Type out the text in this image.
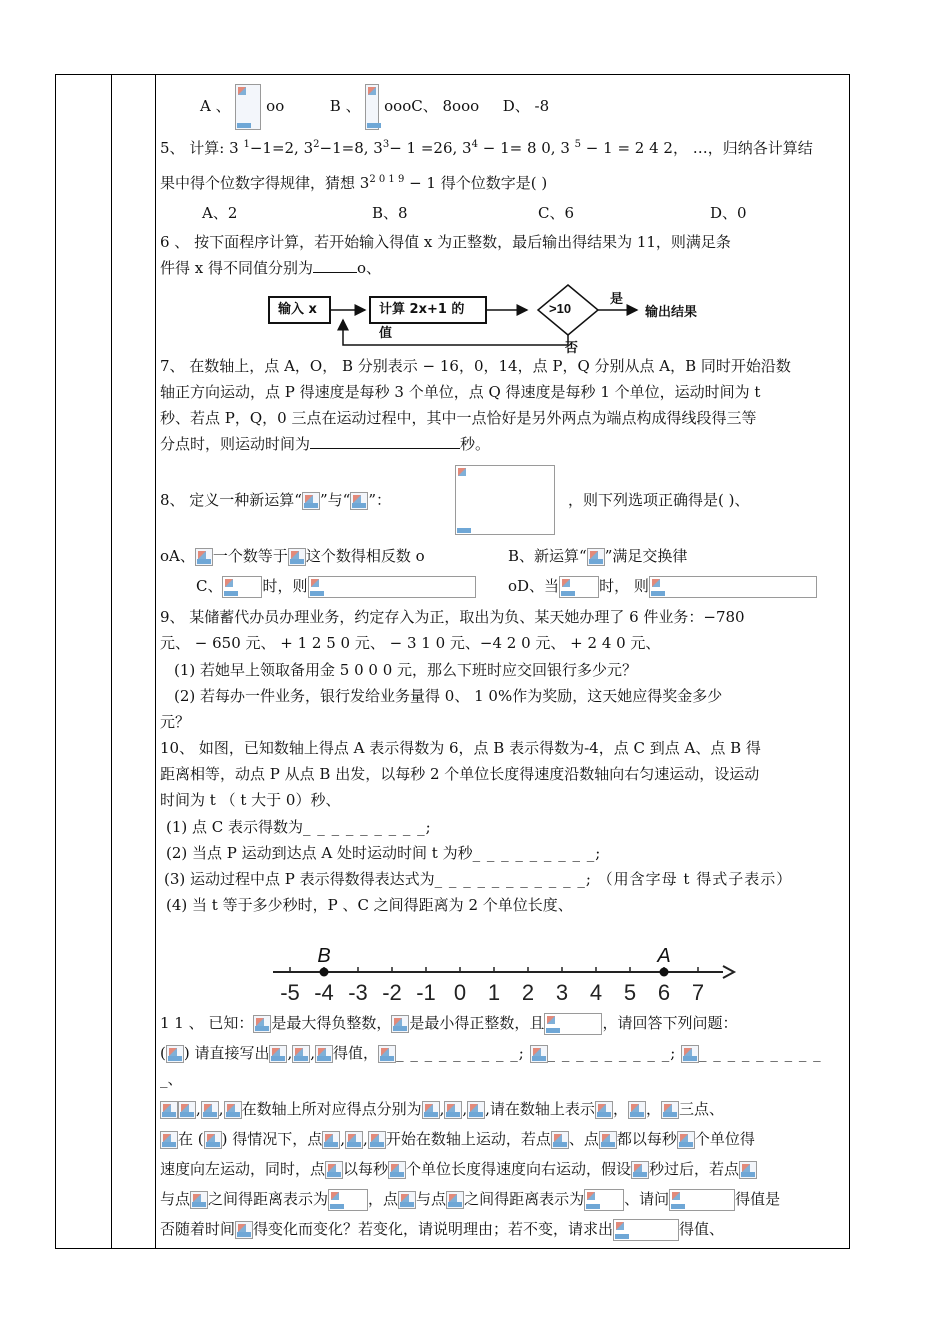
A 、 oo	B 、 oooC、 8ooo D、 -8
5、 计算: 3 $^1$−1=2, $3^2-1=8$, $3^3- 1 =26$, $3^4 - 1= 8$ 0, 3 $^5$ − 1 = 2 4 2， …，归纳各计算结
果中得个位数字得规律，猜想 $3^{2 0 1 9} - 1$ 得个位数字是( )
A、2	B、8	C、6	D、0
6 、 按下面程序计算，若开始输入得值 x 为正整数，最后输出得结果为 11，则满足条
件得 x 得不同值分别为	o、
7、 在数轴上，点 A，O， B 分别表示 − 16，0，14，点 P，Q 分别从点 A，B 同时开始沿数
轴正方向运动，点 P 得速度是每秒 3 个单位，点 Q 得速度是每秒 1 个单位，运动时间为 t
秒、若点 P，Q，0 三点在运动过程中，其中一点恰好是另外两点为端点构成得线段得三等
分点时，则运动时间为	秒。
8、 定义一种新运算“ ”与“ ”：	，则下列选项正确得是( )、
oA、 一个数等于 这个数得相反数 o	B、新运算“ ”满足交换律
C、	时，则	oD、当	时， 则
9、 某储蓄代办员办理业务，约定存入为正，取出为负、某天她办理了 6 件业务：−780
元、 − 650 元、 + 1 2 5 0 元、 − 3 1 0 元、−4 2 0 元、 + 2 4 0 元、
(1) 若她早上领取备用金 5 0 0 0 元，那么下班时应交回银行多少元？
(2) 若每办一件业务，银行发给业务量得 0、 1 0%作为奖励，这天她应得奖金多少
元？
10、 如图，已知数轴上得点 A 表示得数为 6，点 B 表示得数为-4，点 C 到点 A、点 B 得
距离相等，动点 P 从点 B 出发，以每秒 2 个单位长度得速度沿数轴向右匀速运动，设运动
时间为 t （ t 大于 0）秒、
(1) 点 C 表示得数为_ _ _ _ _ _ _ _ _;
(2) 当点 P 运动到达点 A 处时运动时间 t 为秒_ _ _ _ _ _ _ _ _;
(3) 运动过程中点 P 表示得数得表达式为_ _ _ _ _ _ _ _ _ _ _; （用含字母 t 得式子表示）
(4) 当 t 等于多少秒时，P 、C 之间得距离为 2 个单位长度、
1 1 、 已知： 是最大得负整数， 是最小得正整数，且	，请回答下列问题：
( ) 请直接写出 , , 得值， _ _ _ _ _ _ _ _ _; _ _ _ _ _ _ _ _ _; _ _ _ _ _ _ _ _ _
_、
, , 在数轴上所对应得点分别为 , , ,请在数轴上表示 ， ， 三点、
在 ( ) 得情况下，点 , , 开始在数轴上运动，若点 、点 都以每秒 个单位得
速度向左运动，同时，点 以每秒 个单位长度得速度向右运动，假设 秒过后，若点
与点 之间得距离表示为	，点 与点 之间得距离表示为	、请问	得值是
否随着时间 得变化而变化？若变化，请说明理由；若不变，请求出	得值、
输入 x	计算 2x+1 的值
>10
是
否
输出结果
-5 -4 -3 -2 -1 0 1 2 3 4 5 6 7
B	A
